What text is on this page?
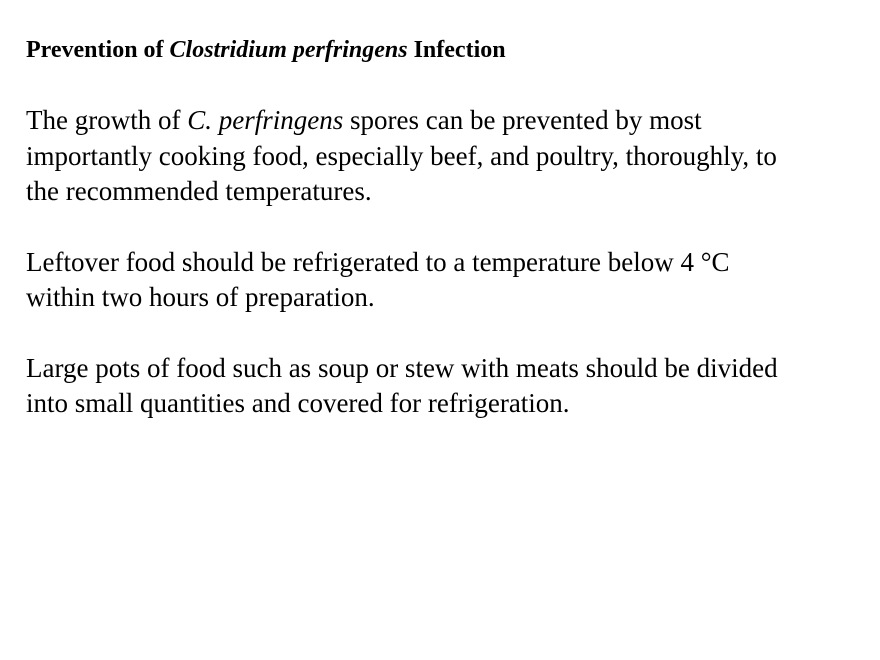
Prevention of Clostridium perfringens Infection

The growth of C. perfringens spores can be prevented by most
importantly cooking food, especially beef, and poultry, thoroughly, to
the recommended temperatures.

Leftover food should be refrigerated to a temperature below 4 °C
within two hours of preparation.

Large pots of food such as soup or stew with meats should be divided
into small quantities and covered for refrigeration.
